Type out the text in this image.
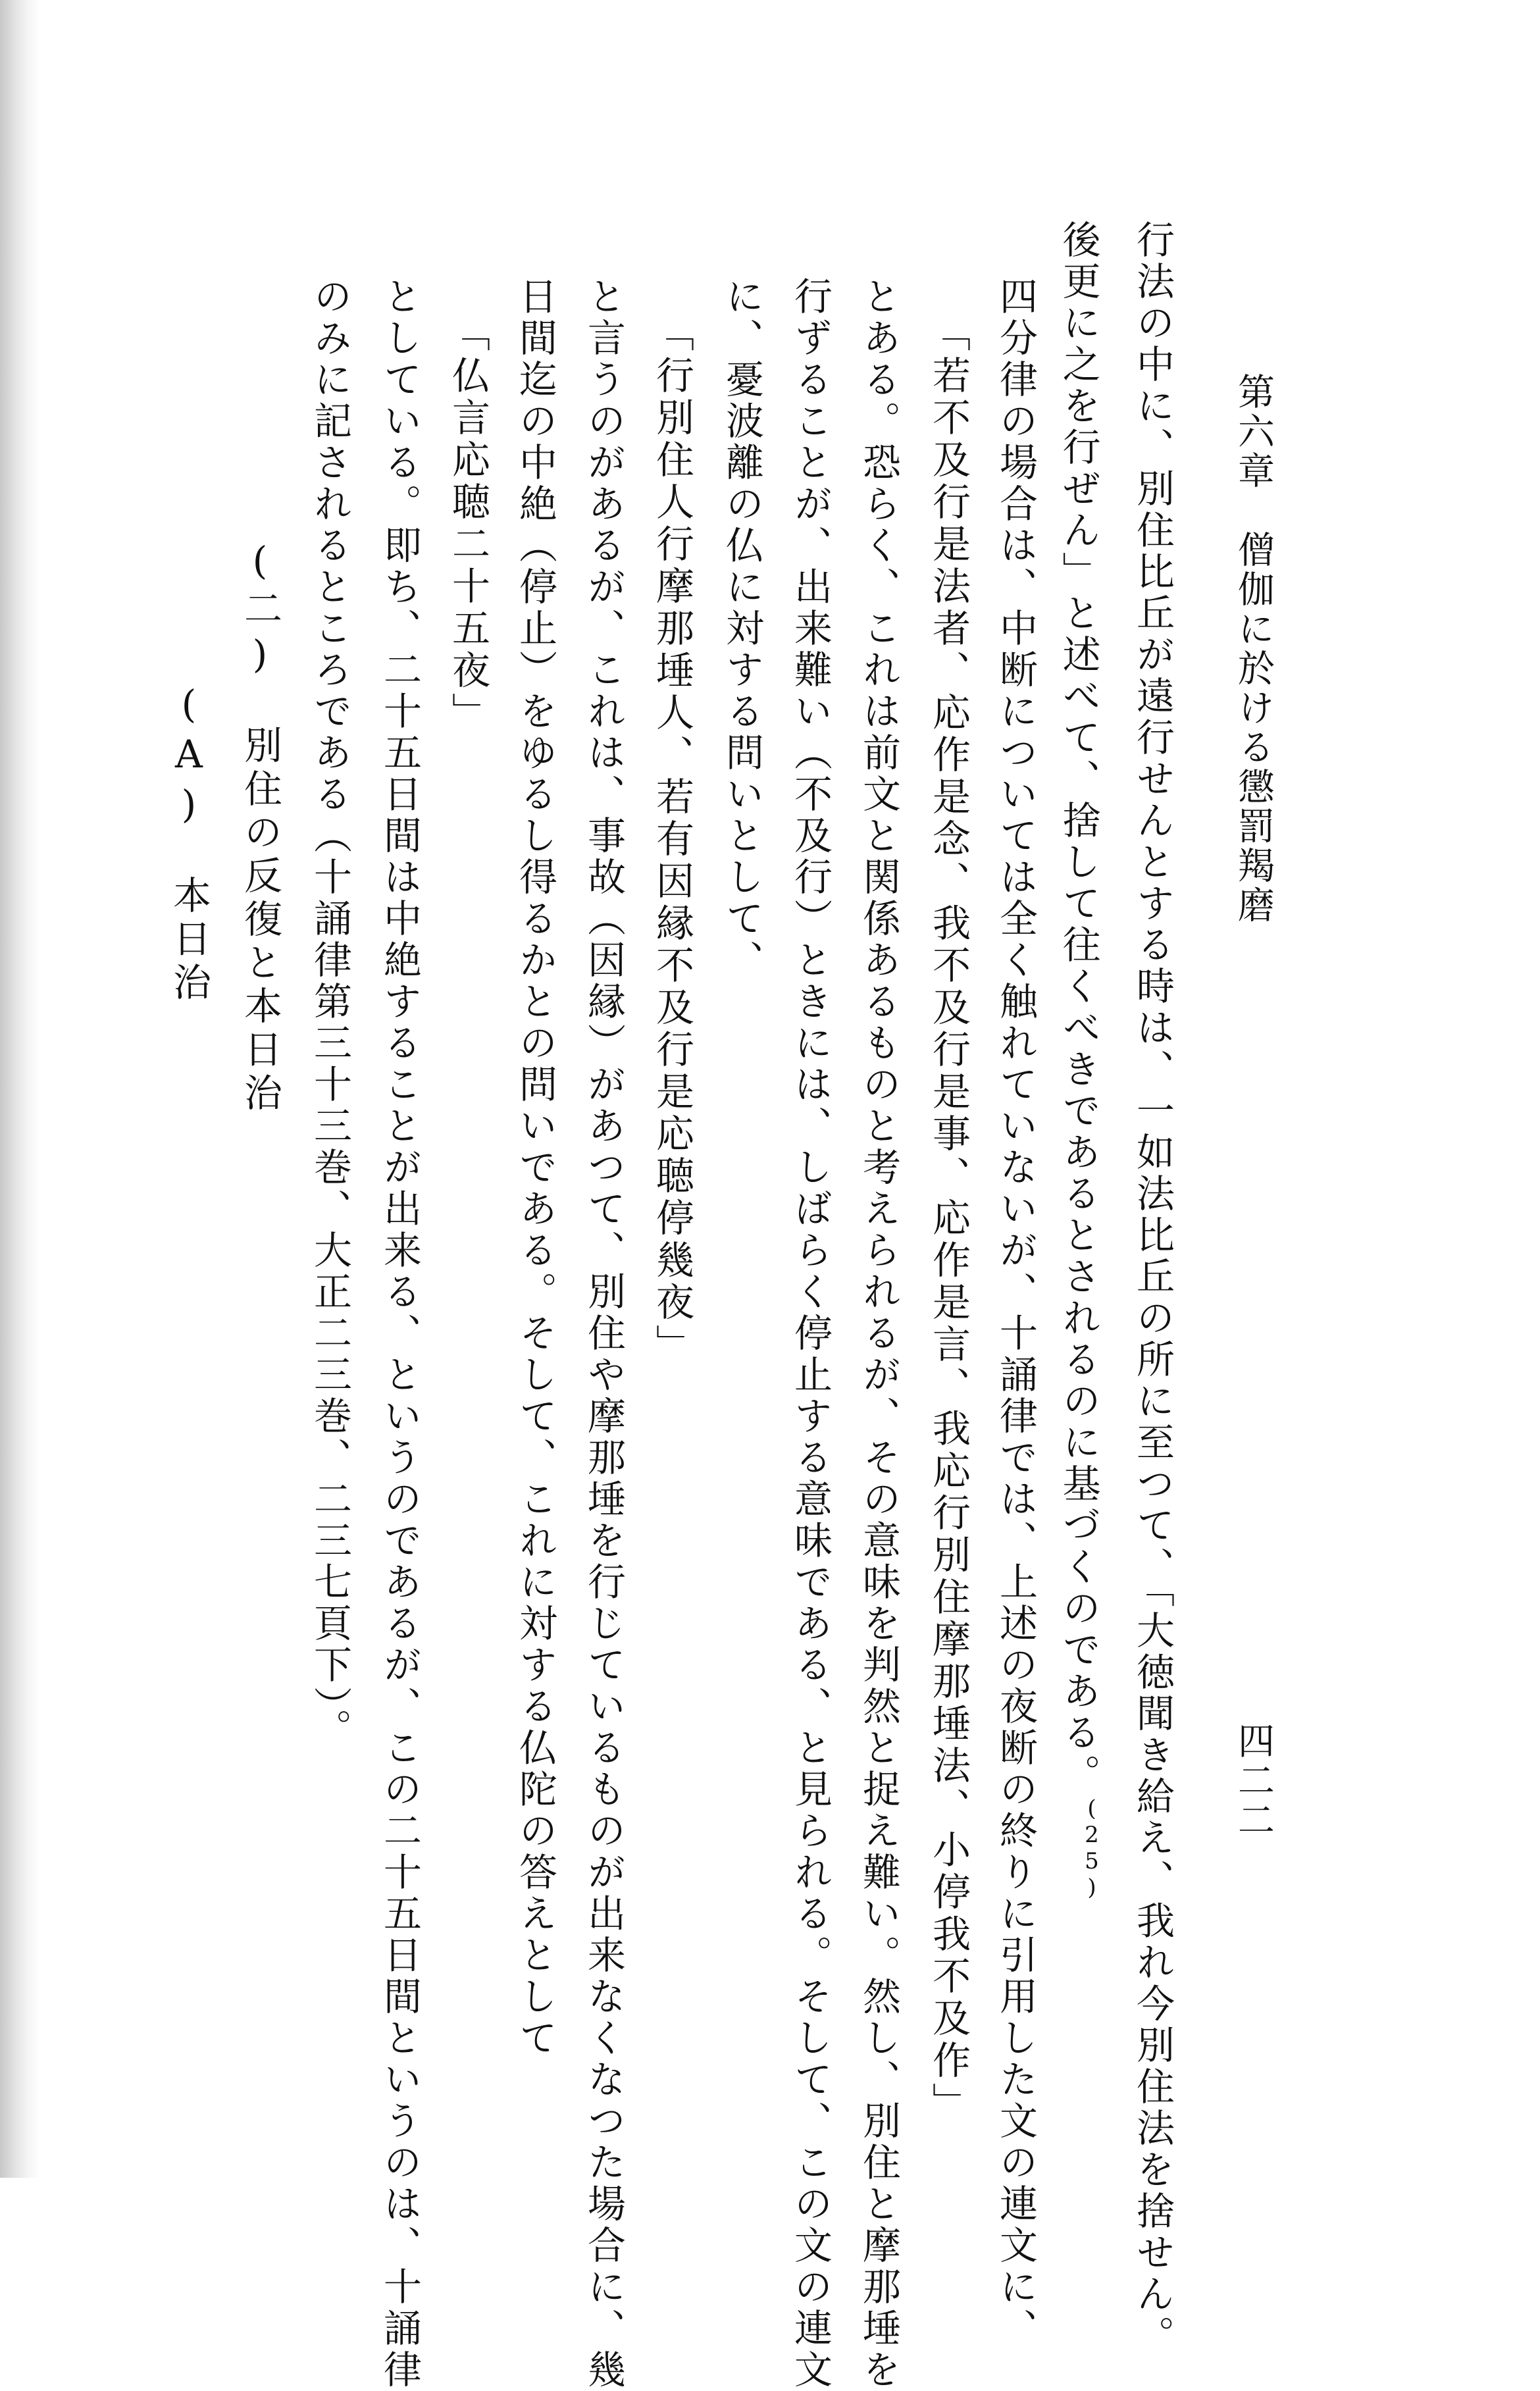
第六章　僧伽に於ける懲罰羯磨
四二二
行法の中に、別住比丘が遠行せんとする時は、一如法比丘の所に至つて、「大徳聞き給え、我れ今別住法を捨せん。
後更に之を行ぜん」と述べて、捨して往くべきであるとされるのに基づくのである。$^{(25)}$
四分律の場合は、中断については全く触れていないが、十誦律では、上述の夜断の終りに引用した文の連文に、
「若不及行是法者、応作是念、我不及行是事、応作是言、我応行別住摩那埵法、小停我不及作」
とある。恐らく、これは前文と関係あるものと考えられるが、その意味を判然と捉え難い。然し、別住と摩那埵を
行ずることが、出来難い（不及行）ときには、しばらく停止する意味である、と見られる。そして、この文の連文
に、憂波離の仏に対する問いとして、
「行別住人行摩那埵人、若有因縁不及行是応聴停幾夜」
と言うのがあるが、これは、事故（因縁）があつて、別住や摩那埵を行じているものが出来なくなつた場合に、幾
日間迄の中絶（停止）をゆるし得るかとの問いである。そして、これに対する仏陀の答えとして
「仏言応聴二十五夜」
としている。即ち、二十五日間は中絶することが出来る、というのであるが、この二十五日間というのは、十誦律
のみに記されるところである（十誦律第三十三巻、大正二三巻、二三七頁下）。
(二)　別住の反復と本日治
(A)　本日治
